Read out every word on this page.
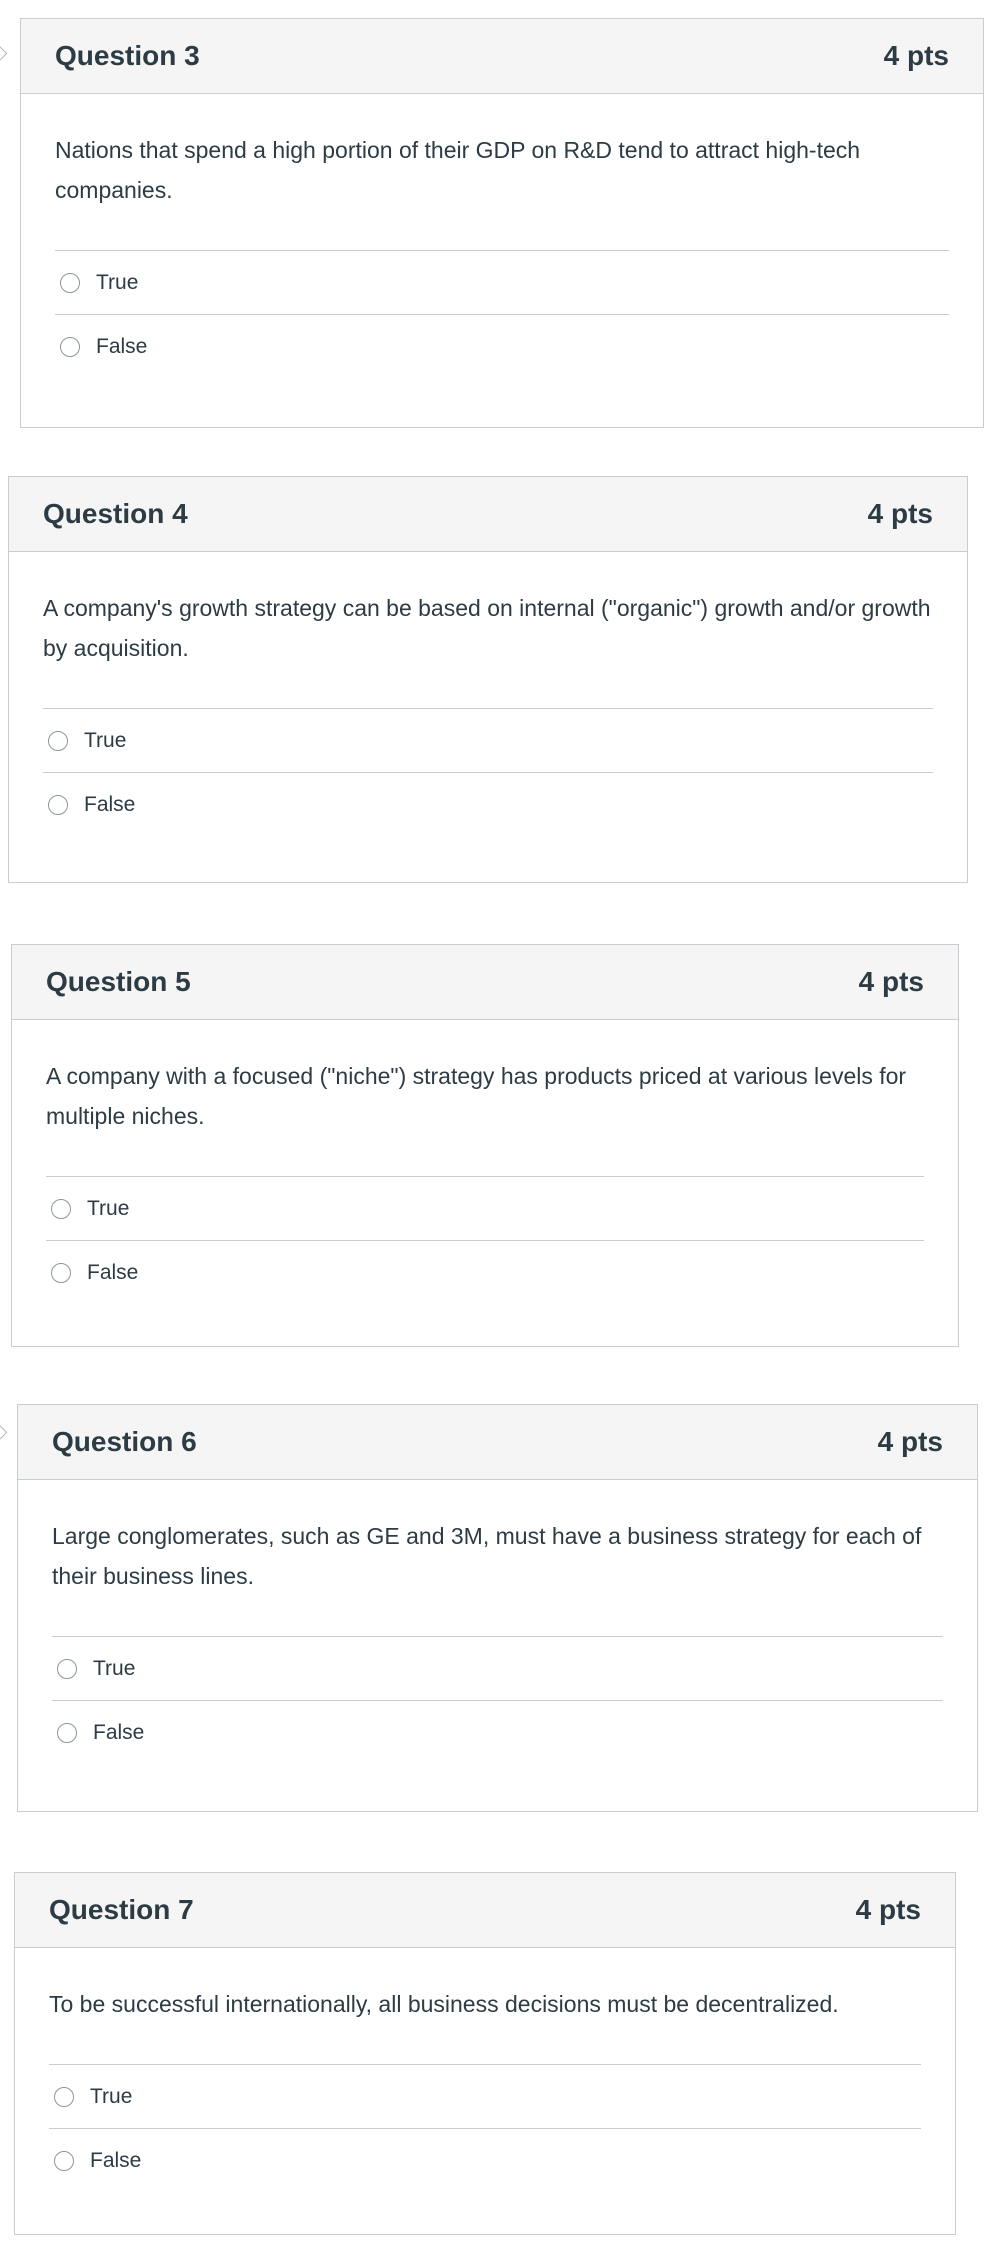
Question 3	4 pts

Nations that spend a high portion of their GDP on R&D tend to attract high-tech companies.

True
False
Question 4	4 pts

A company's growth strategy can be based on internal ("organic") growth and/or growth by acquisition.

True
False
Question 5	4 pts

A company with a focused ("niche") strategy has products priced at various levels for multiple niches.

True
False
Question 6	4 pts

Large conglomerates, such as GE and 3M, must have a business strategy for each of their business lines.

True
False
Question 7	4 pts

To be successful internationally, all business decisions must be decentralized.

True
False
